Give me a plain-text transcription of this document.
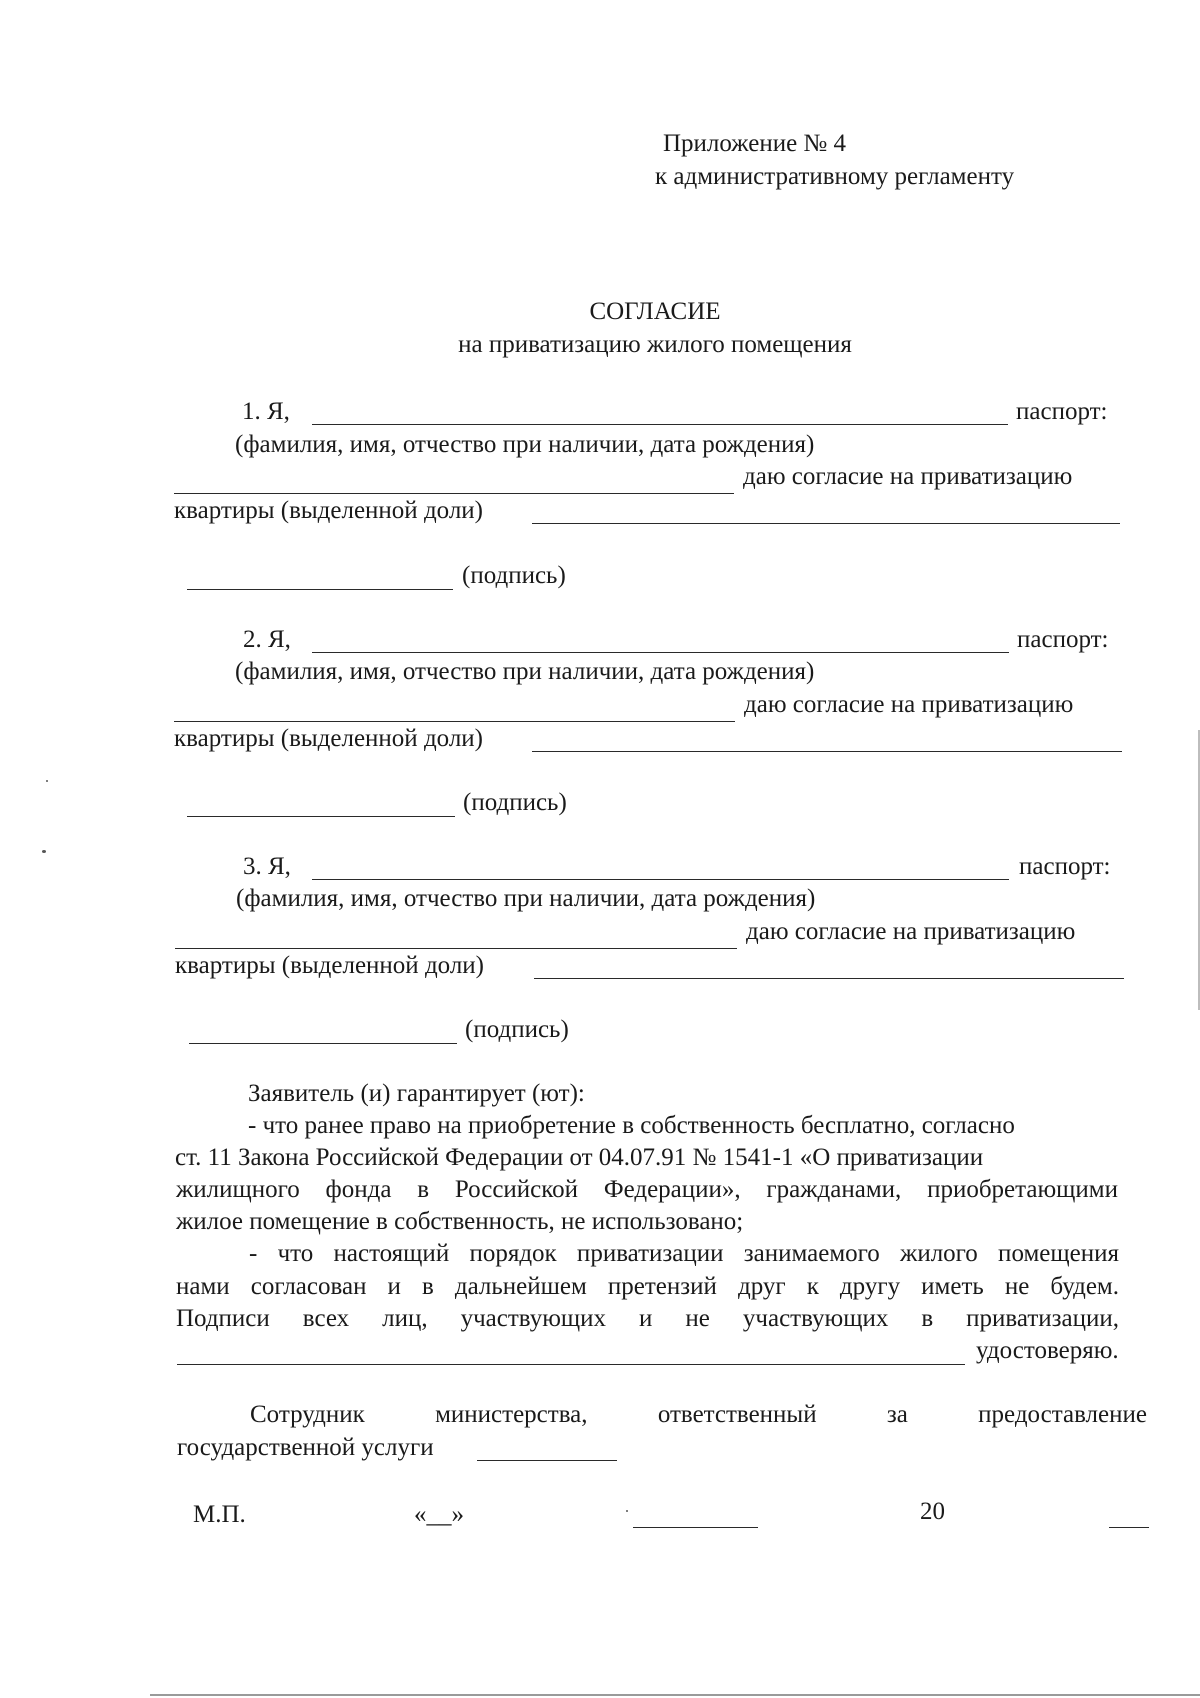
Приложение № 4
к административному регламенту
СОГЛАСИЕ
на приватизацию жилого помещения
1. Я,	паспорт:
(фамилия, имя, отчество при наличии, дата рождения)
даю согласие на приватизацию
квартиры (выделенной доли)
(подпись)
2. Я,	паспорт:
(фамилия, имя, отчество при наличии, дата рождения)
даю согласие на приватизацию
квартиры (выделенной доли)
(подпись)
3. Я,	паспорт:
(фамилия, имя, отчество при наличии, дата рождения)
даю согласие на приватизацию
квартиры (выделенной доли)
(подпись)
Заявитель (и) гарантирует (ют):
- что ранее право на приобретение в собственность бесплатно, согласно
ст. 11 Закона Российской Федерации от 04.07.91 № 1541-1 «О приватизации
жилищного фонда в Российской Федерации», гражданами, приобретающими
жилое помещение в собственность, не использовано;
- что настоящий порядок приватизации занимаемого жилого помещения
нами согласован и в дальнейшем претензий друг к другу иметь не будем.
Подписи всех лиц, участвующих и не участвующих в приватизации,
удостоверяю.
Сотрудник министерства, ответственный за предоставление
государственной услуги
М.П.	«__»	20
